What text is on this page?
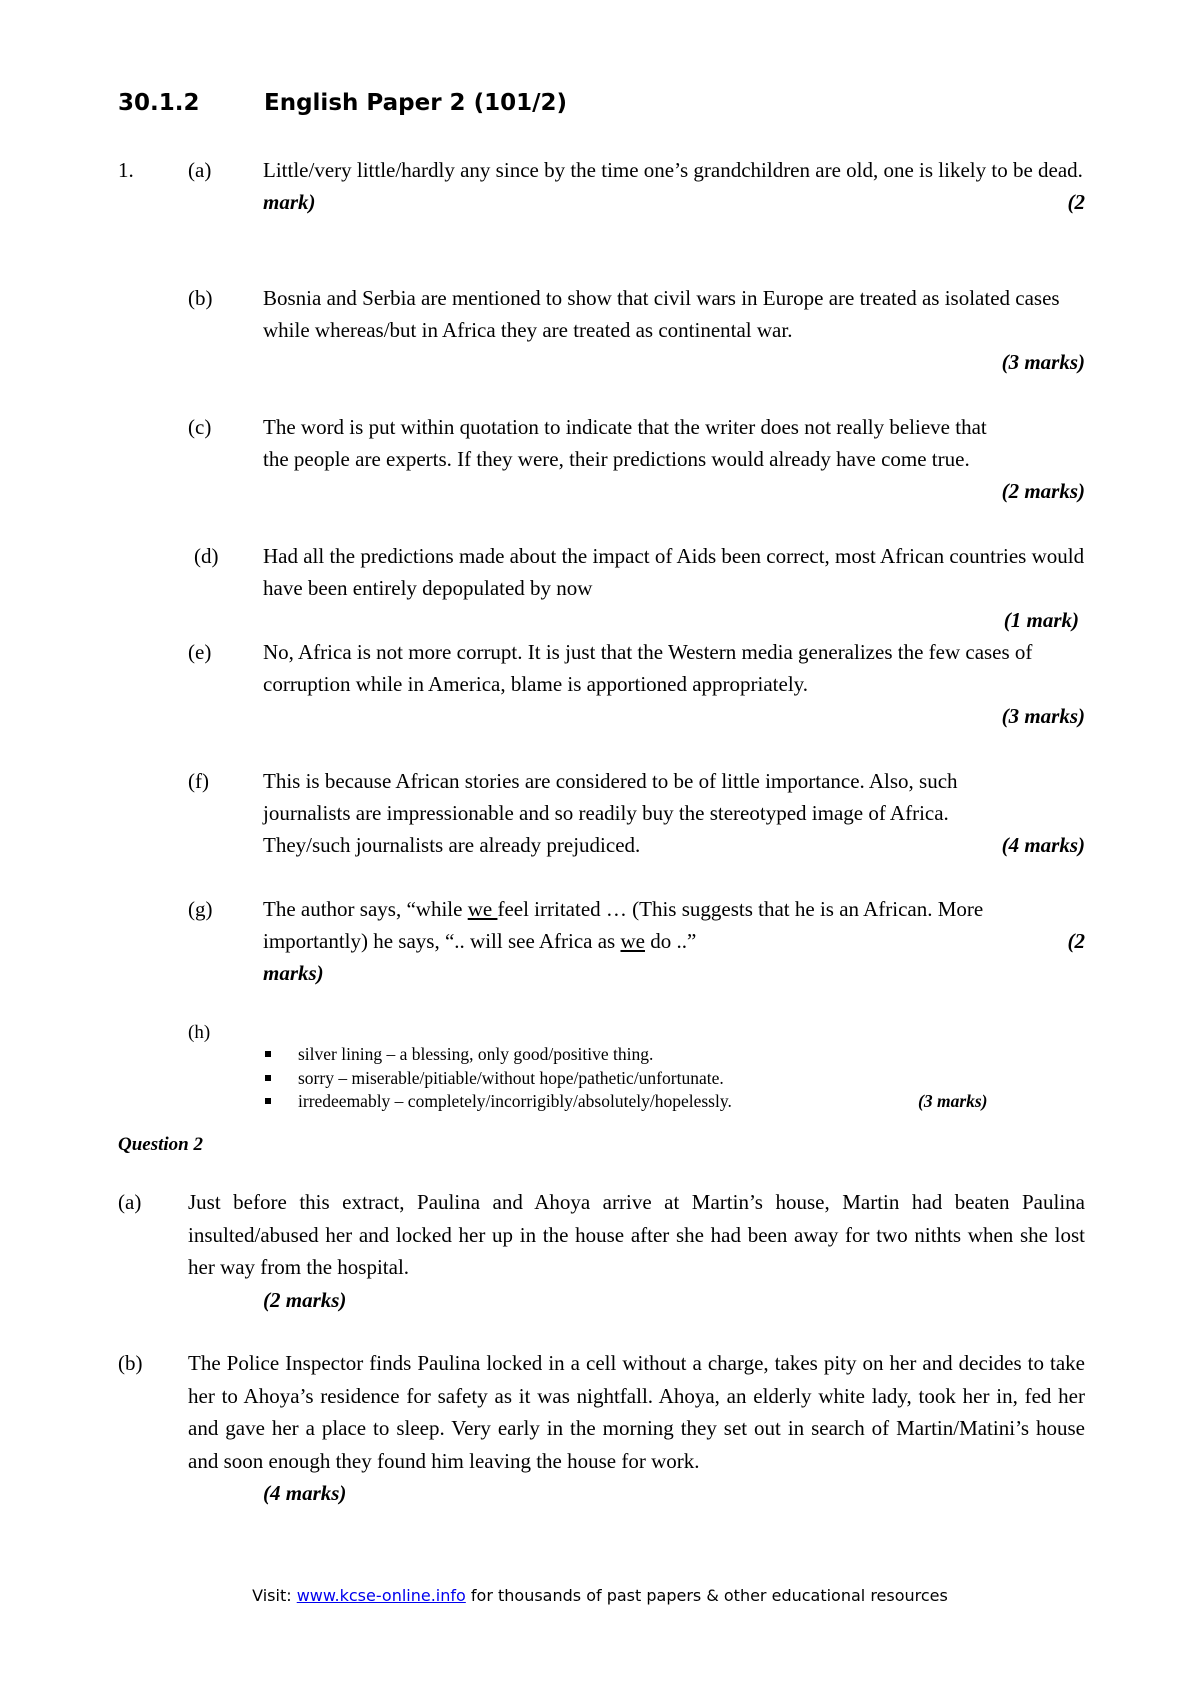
30.1.2	English Paper 2 (101/2)
1.	(a) Little/very little/hardly any since by the time one’s grandchildren are old, one is likely to be dead.
(2
mark)
(b) Bosnia and Serbia are mentioned to show that civil wars in Europe are treated as isolated cases while whereas/but in Africa they are treated as continental war.
(3 marks)
(c)
(2 marks)
The word is put within quotation to indicate that the writer does not really believe that the people are experts. If they were, their predictions would already have come true.
(d) Had all the predictions made about the impact of Aids been correct, most African countries would have been entirely depopulated by now
(1 mark)
(e) No, Africa is not more corrupt. It is just that the Western media generalizes the few cases of corruption while in America, blame is apportioned appropriately.
(3 marks)
(f)
(4 marks)
This is because African stories are considered to be of little importance. Also, such journalists are impressionable and so readily buy the stereotyped image of Africa. They/such journalists are already prejudiced.
(g) The author says, “while we feel irritated … (This suggests that he is an African. More importantly) he says, “.. will see Africa as we do ..”	(2
marks)
(h)
silver lining – a blessing, only good/positive thing.
sorry – miserable/pitiable/without hope/pathetic/unfortunate.
irredeemably – completely/incorrigibly/absolutely/hopelessly.	(3 marks)
Question 2
(a) Just before this extract, Paulina and Ahoya arrive at Martin’s house, Martin had beaten Paulina insulted/abused her and locked her up in the house after she had been away for two nithts when she lost her way from the hospital.
(2 marks)
(b) The Police Inspector finds Paulina locked in a cell without a charge, takes pity on her and decides to take her to Ahoya’s residence for safety as it was nightfall. Ahoya, an elderly white lady, took her in, fed her and gave her a place to sleep. Very early in the morning they set out in search of Martin/Matini’s house and soon enough they found him leaving the house for work.
(4 marks)
Visit: www.kcse-online.info for thousands of past papers & other educational resources
